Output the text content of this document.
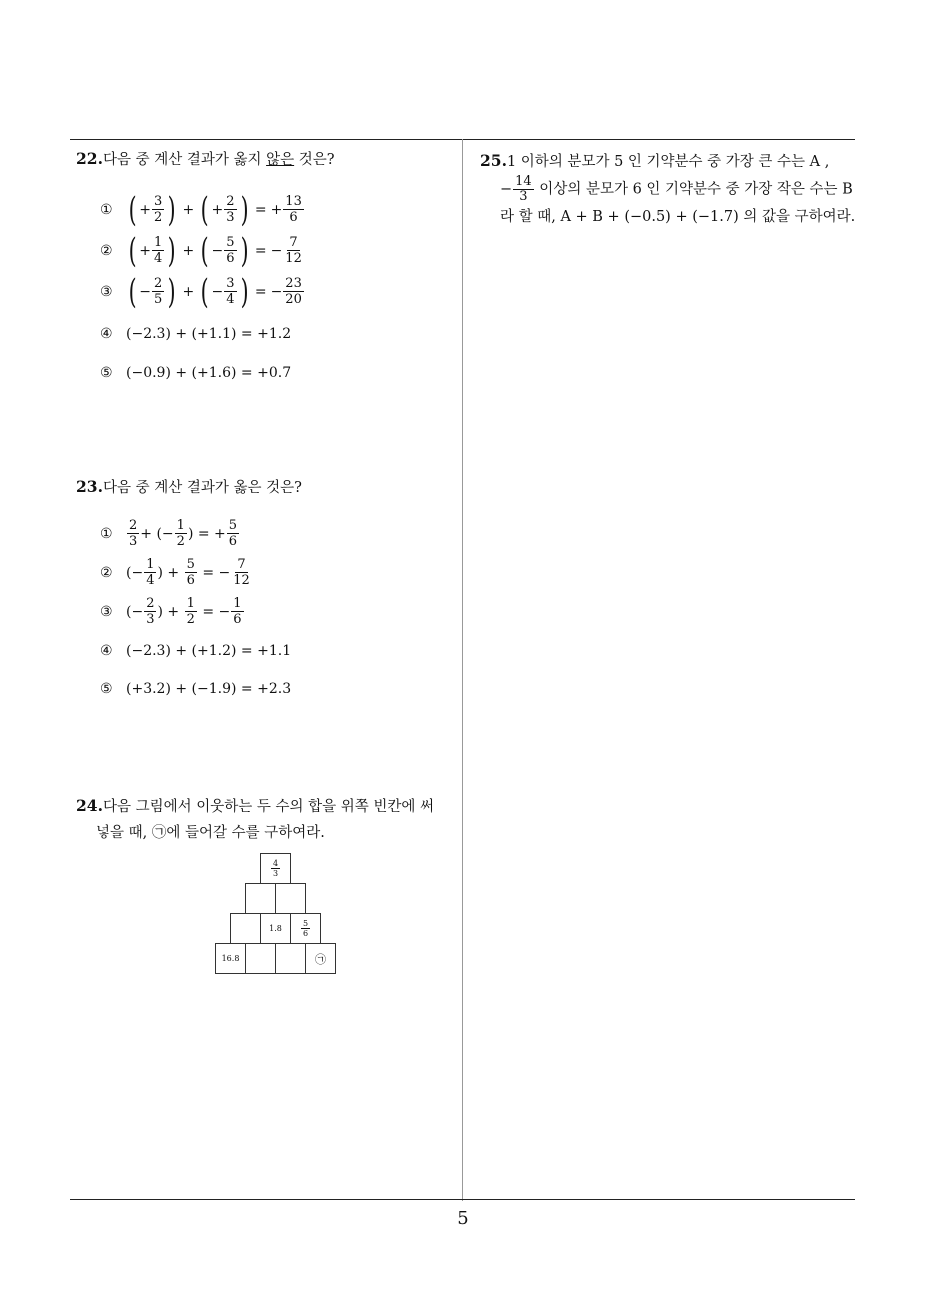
22.다음 중 계산 결과가 옳지 않은 것은?
① ( + $\frac{3}{2}$ ) + ( + $\frac{2}{3}$ ) = + $\frac{13}{6}$
② ( + $\frac{1}{4}$ ) + ( − $\frac{5}{6}$ ) = − $\frac{7}{12}$
③ ( − $\frac{2}{5}$ ) + ( − $\frac{3}{4}$ ) = − $\frac{23}{20}$
④ (−2.3) + (+1.1) = +1.2
⑤ (−0.9) + (+1.6) = +0.7
23.다음 중 계산 결과가 옳은 것은?
①	$\frac{2}{3}$ + (− $\frac{1}{2}$ ) = + $\frac{5}{6}$
② (− $\frac{1}{4}$ ) +
$\frac{5}{6}$
= − $\frac{7}{12}$
③ (− $\frac{2}{3}$ ) +
$\frac{1}{2}$
= − $\frac{1}{6}$
④ (−2.3) + (+1.2) = +1.1
⑤ (+3.2) + (−1.9) = +2.3
24.다음 그림에서 이웃하는 두 수의 합을 위쪽 빈칸에 써
넣을 때, ㉠에 들어갈 수를 구하여라.
$\frac{4}{3}$
$1.8 \frac{5}{6}$
16.8	㉠
25.1 이하의 분모가 5 인 기약분수 중 가장 큰 수는 A ,
− $\frac{14}{3}$ 이상의 분모가 6 인 기약분수 중 가장 작은 수는 B
라 할 때, A + B + (−0.5) + (−1.7) 의 값을 구하여라.
5
